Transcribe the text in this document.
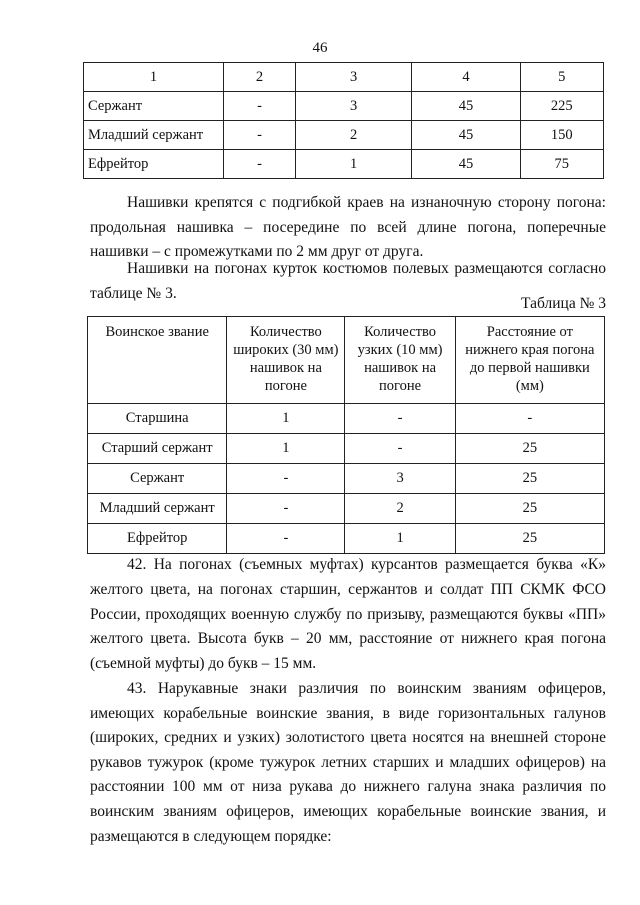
46
1	2	3	4	5
Сержант	-	3	45	225
Младший сержант	-	2	45	150
Ефрейтор	-	1	45	75

Нашивки крепятся с подгибкой краев на изнаночную сторону погона: продольная нашивка – посередине по всей длине погона, поперечные нашивки – с промежутками по 2 мм друг от друга.

Нашивки на погонах курток костюмов полевых размещаются согласно таблице № 3.

Таблица № 3
Воинское звание	Количество широких (30 мм) нашивок на погоне	Количество узких (10 мм) нашивок на погоне	Расстояние от нижнего края погона до первой нашивки (мм)
Старшина	1	-	-
Старший сержант	1	-	25
Сержант	-	3	25
Младший сержант	-	2	25
Ефрейтор	-	1	25

42. На погонах (съемных муфтах) курсантов размещается буква «К» желтого цвета, на погонах старшин, сержантов и солдат ПП СКМК ФСО России, проходящих военную службу по призыву, размещаются буквы «ПП» желтого цвета. Высота букв – 20 мм, расстояние от нижнего края погона (съемной муфты) до букв – 15 мм.

43. Нарукавные знаки различия по воинским званиям офицеров, имеющих корабельные воинские звания, в виде горизонтальных галунов (широких, средних и узких) золотистого цвета носятся на внешней стороне рукавов тужурок (кроме тужурок летних старших и младших офицеров) на расстоянии 100 мм от низа рукава до нижнего галуна знака различия по воинским званиям офицеров, имеющих корабельные воинские звания, и размещаются в следующем порядке:
